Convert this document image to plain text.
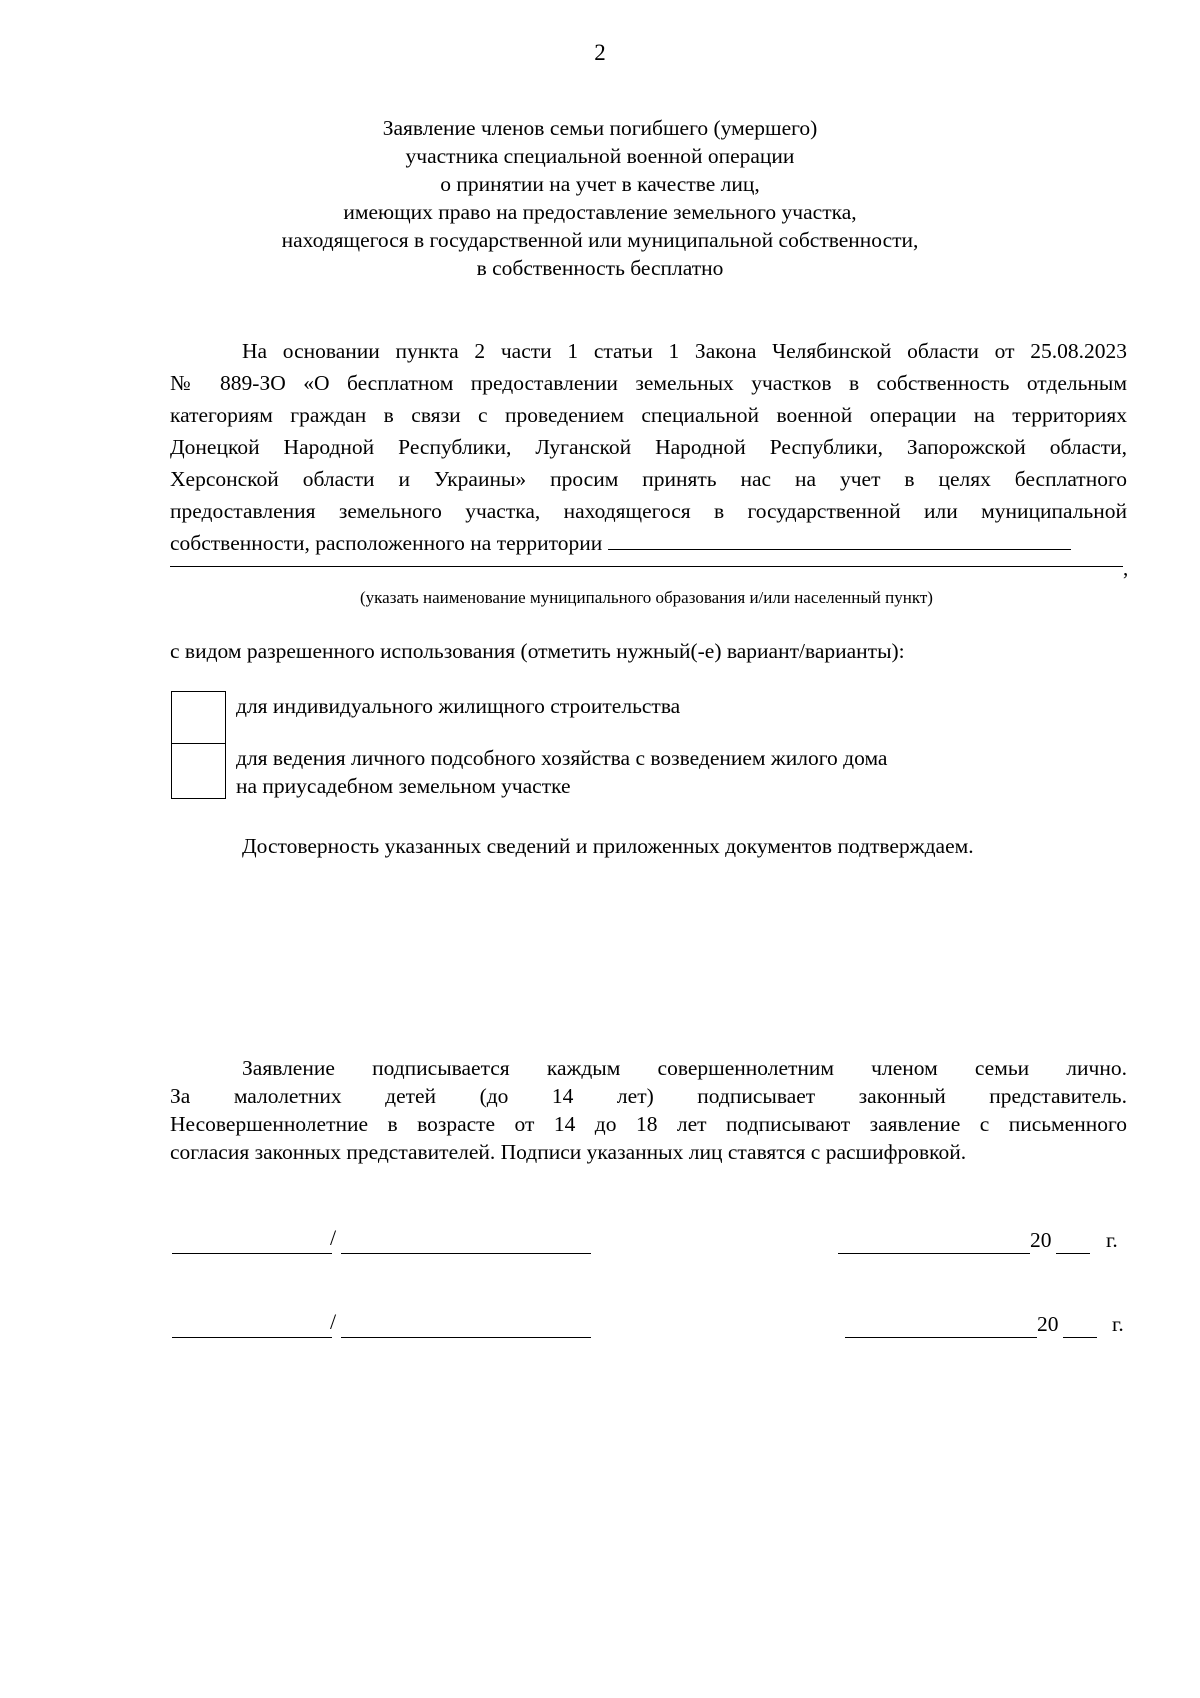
2
Заявление членов семьи погибшего (умершего)
участника специальной военной операции
о принятии на учет в качестве лиц,
имеющих право на предоставление земельного участка,
находящегося в государственной или муниципальной собственности,
в собственность бесплатно
На основании пункта 2 части 1 статьи 1 Закона Челябинской области от 25.08.2023
№ 889-ЗО «О бесплатном предоставлении земельных участков в собственность отдельным
категориям граждан в связи с проведением специальной военной операции на территориях
Донецкой Народной Республики, Луганской Народной Республики, Запорожской области,
Херсонской области и Украины» просим принять нас на учет в целях бесплатного
предоставления земельного участка, находящегося в государственной или муниципальной
собственности, расположенного на территории
,
(указать наименование муниципального образования и/или населенный пункт)
с видом разрешенного использования (отметить нужный(-е) вариант/варианты):
для индивидуального жилищного строительства
для ведения личного подсобного хозяйства с возведением жилого дома
на приусадебном земельном участке
Достоверность указанных сведений и приложенных документов подтверждаем.
Заявление подписывается каждым совершеннолетним членом семьи лично.
За малолетних детей (до 14 лет) подписывает законный представитель.
Несовершеннолетние в возрасте от 14 до 18 лет подписывают заявление с письменного
согласия законных представителей. Подписи указанных лиц ставятся с расшифровкой.
/	20	г.
/	20 г.
